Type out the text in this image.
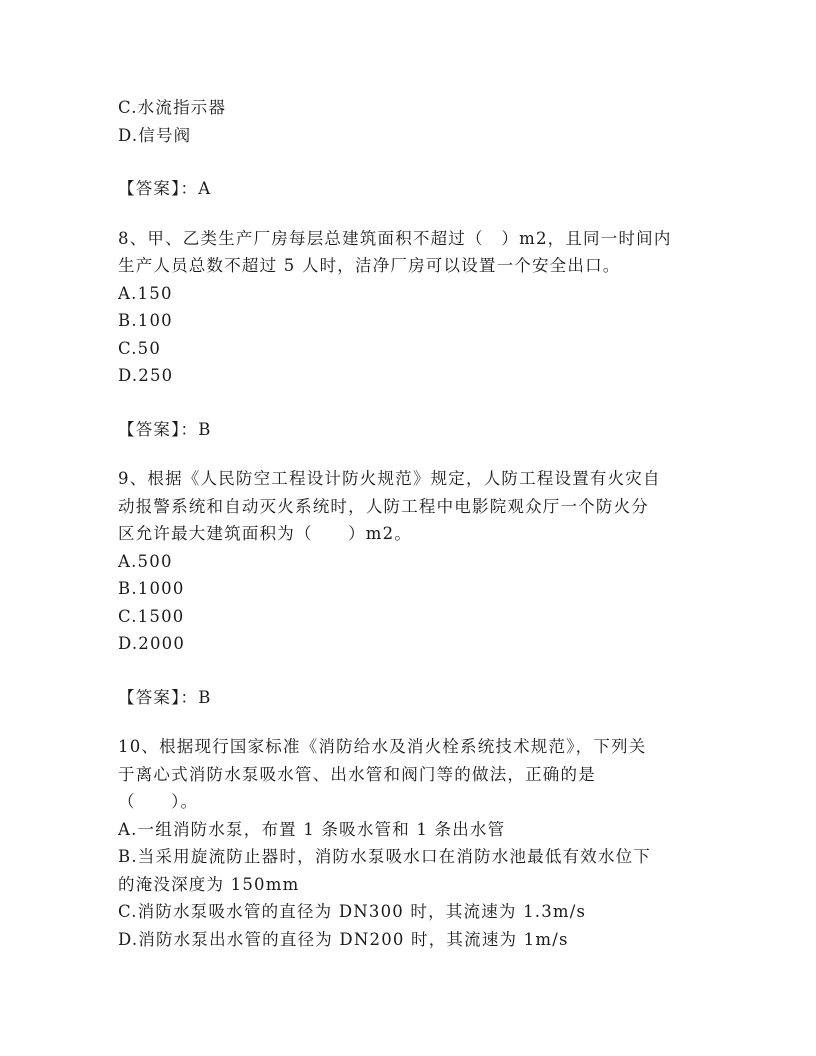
C.水流指示器
D.信号阀
【答案】：A
8、甲、乙类生产厂房每层总建筑面积不超过（　）m2，且同一时间内
生产人员总数不超过 5 人时，洁净厂房可以设置一个安全出口。
A.150
B.100
C.50
D.250
【答案】：B
9、根据《人民防空工程设计防火规范》规定，人防工程设置有火灾自
动报警系统和自动灭火系统时，人防工程中电影院观众厅一个防火分
区允许最大建筑面积为（　　）m2。
A.500
B.1000
C.1500
D.2000
【答案】：B
10、根据现行国家标准《消防给水及消火栓系统技术规范》，下列关
于离心式消防水泵吸水管、出水管和阀门等的做法，正确的是
（　　）。
A.一组消防水泵，布置 1 条吸水管和 1 条出水管
B.当采用旋流防止器时，消防水泵吸水口在消防水池最低有效水位下
的淹没深度为 150mm
C.消防水泵吸水管的直径为 DN300 时，其流速为 1.3m/s
D.消防水泵出水管的直径为 DN200 时，其流速为 1m/s
